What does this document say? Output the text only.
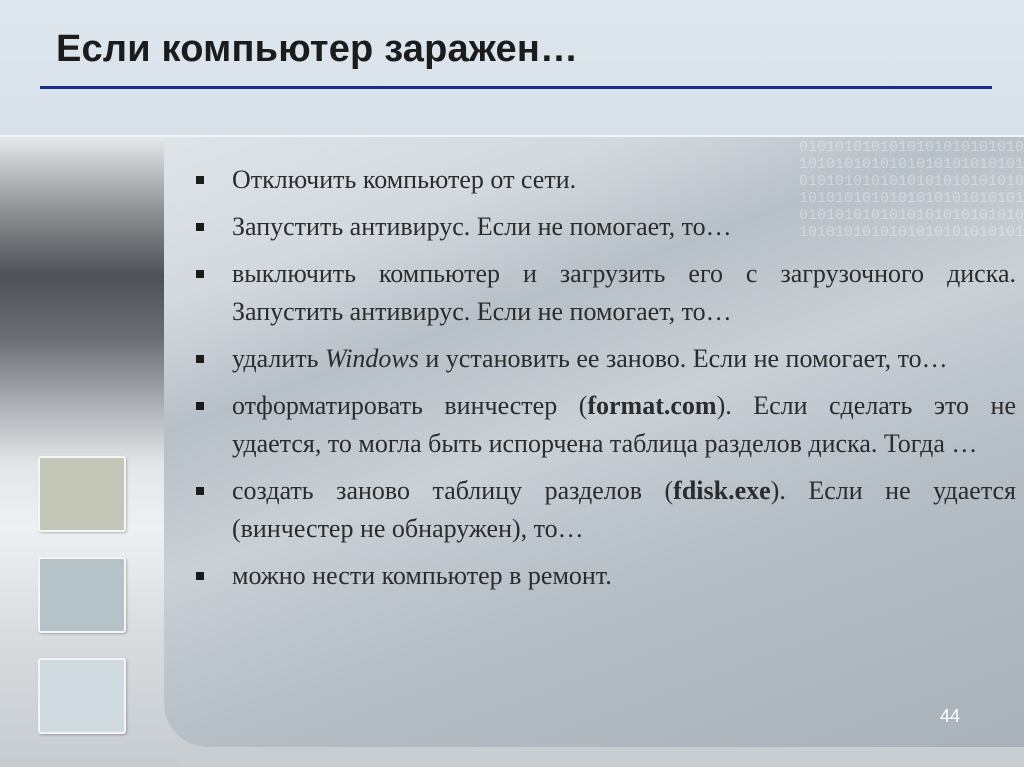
Если компьютер заражен…
0101010101010101010101010
1010101010101010101010101
0101010101010101010101010
1010101010101010101010101
0101010101010101010101010
1010101010101010101010101
Отключить компьютер от сети.
Запустить антивирус. Если не помогает, то…
выключить компьютер и загрузить его с загрузочного диска. Запустить антивирус. Если не помогает, то…
удалить Windows и установить ее заново. Если не помогает, то…
отформатировать винчестер (format.com). Если сделать это не удается, то могла быть испорчена таблица разделов диска. Тогда …
создать заново таблицу разделов (fdisk.exe). Если не удается (винчестер не обнаружен), то…
можно нести компьютер в ремонт.
44
